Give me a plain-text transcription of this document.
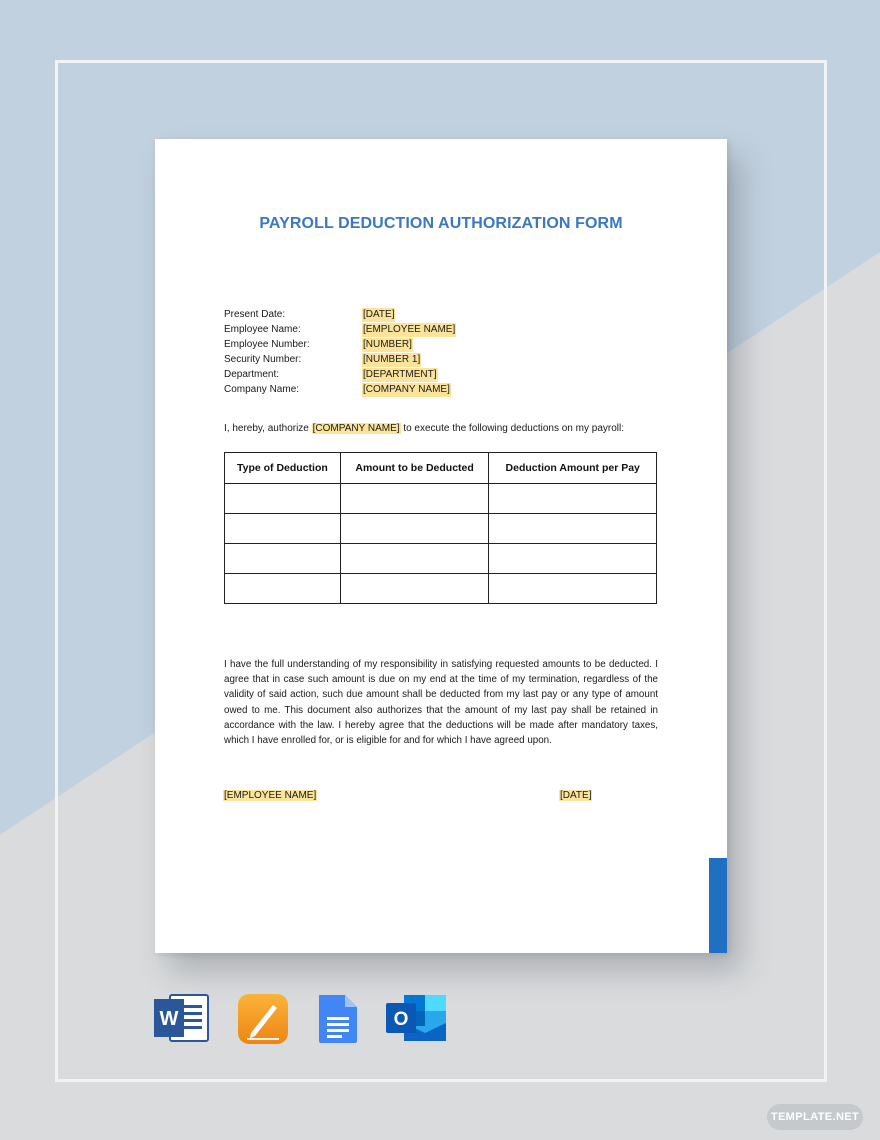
PAYROLL DEDUCTION AUTHORIZATION FORM
Present Date:	[DATE]
Employee Name:	[EMPLOYEE NAME]
Employee Number:	[NUMBER]
Security Number:	[NUMBER 1]
Department:	[DEPARTMENT]
Company Name:	[COMPANY NAME]
I, hereby, authorize [COMPANY NAME] to execute the following deductions on my payroll:
Type of Deduction	Amount to be Deducted	Deduction Amount per Pay

I have the full understanding of my responsibility in satisfying requested amounts to be deducted. I agree that in case such amount is due on my end at the time of my termination, regardless of the validity of said action, such due amount shall be deducted from my last pay or any type of amount owed to me. This document also authorizes that the amount of my last pay shall be retained in accordance with the law. I hereby agree that the deductions will be made after mandatory taxes, which I have enrolled for, or is eligible for and for which I have agreed upon.
[EMPLOYEE NAME]	[DATE]
W	O
TEMPLATE.NET
